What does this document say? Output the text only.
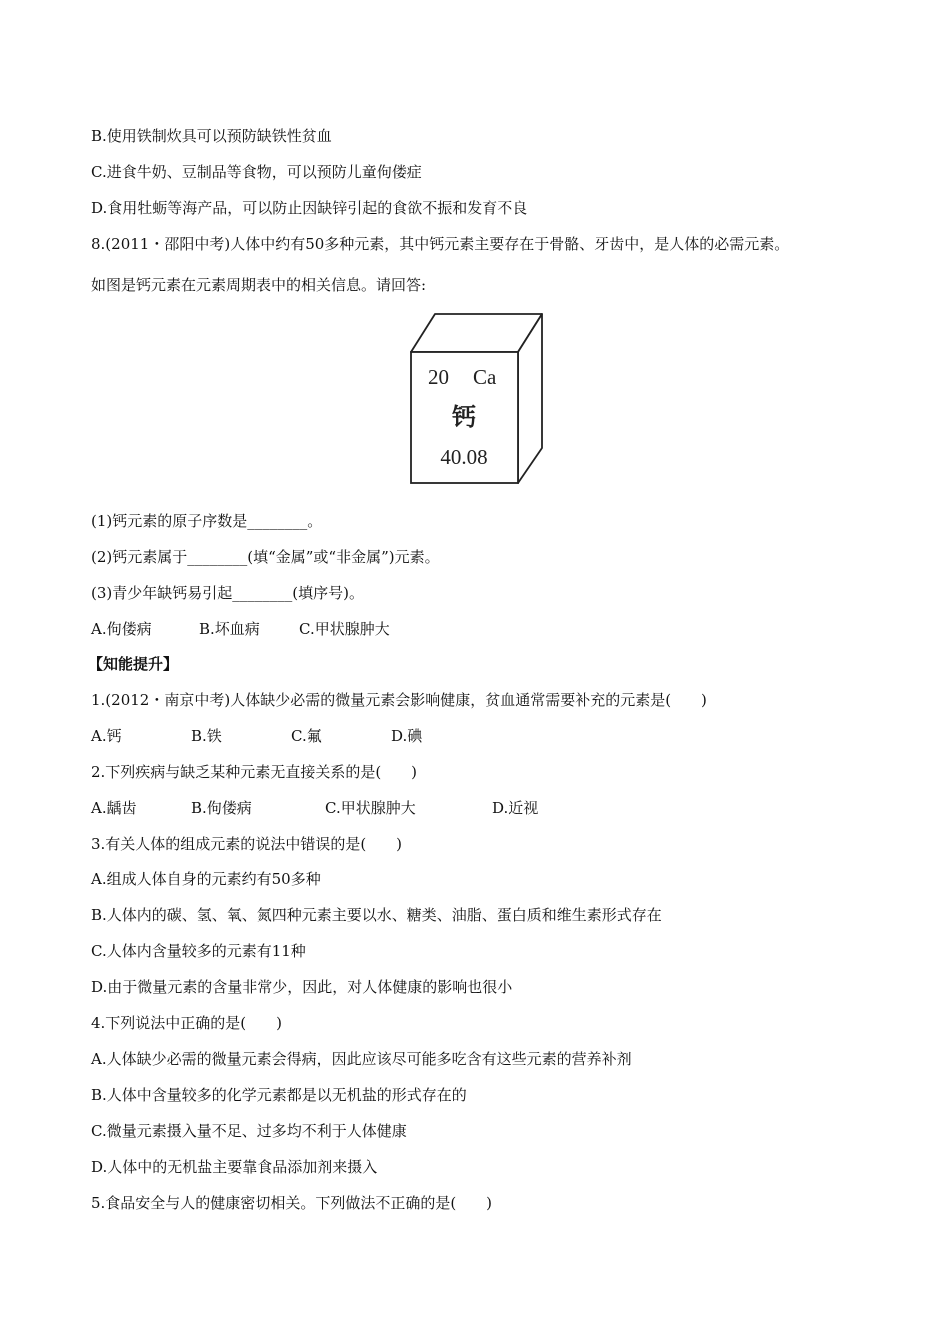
B.使用铁制炊具可以预防缺铁性贫血
C.进食牛奶、豆制品等食物，可以预防儿童佝偻症
D.食用牡蛎等海产品，可以防止因缺锌引起的食欲不振和发育不良
8.(2011・邵阳中考)人体中约有50多种元素，其中钙元素主要存在于骨骼、牙齿中，是人体的必需元素。
如图是钙元素在元素周期表中的相关信息。请回答:
20 Ca
钙
40.08
(1)钙元素的原子序数是________。
(2)钙元素属于________(填“金属”或“非金属”)元素。
(3)青少年缺钙易引起________(填序号)。

A.佝偻病

	B.坏血病

	C.甲状腺肿大

【知能提升】
1.(2012・南京中考)人体缺少必需的微量元素会影响健康，贫血通常需要补充的元素是(　　)

A.钙

	B.铁

	C.氟

	D.碘

2.下列疾病与缺乏某种元素无直接关系的是(　　)

A.龋齿

	B.佝偻病

	C.甲状腺肿大

	D.近视

3.有关人体的组成元素的说法中错误的是(　　)
A.组成人体自身的元素约有50多种
B.人体内的碳、氢、氧、氮四种元素主要以水、糖类、油脂、蛋白质和维生素形式存在
C.人体内含量较多的元素有11种
D.由于微量元素的含量非常少，因此，对人体健康的影响也很小
4.下列说法中正确的是(　　)
A.人体缺少必需的微量元素会得病，因此应该尽可能多吃含有这些元素的营养补剂
B.人体中含量较多的化学元素都是以无机盐的形式存在的
C.微量元素摄入量不足、过多均不利于人体健康
D.人体中的无机盐主要靠食品添加剂来摄入
5.食品安全与人的健康密切相关。下列做法不正确的是(　　)
